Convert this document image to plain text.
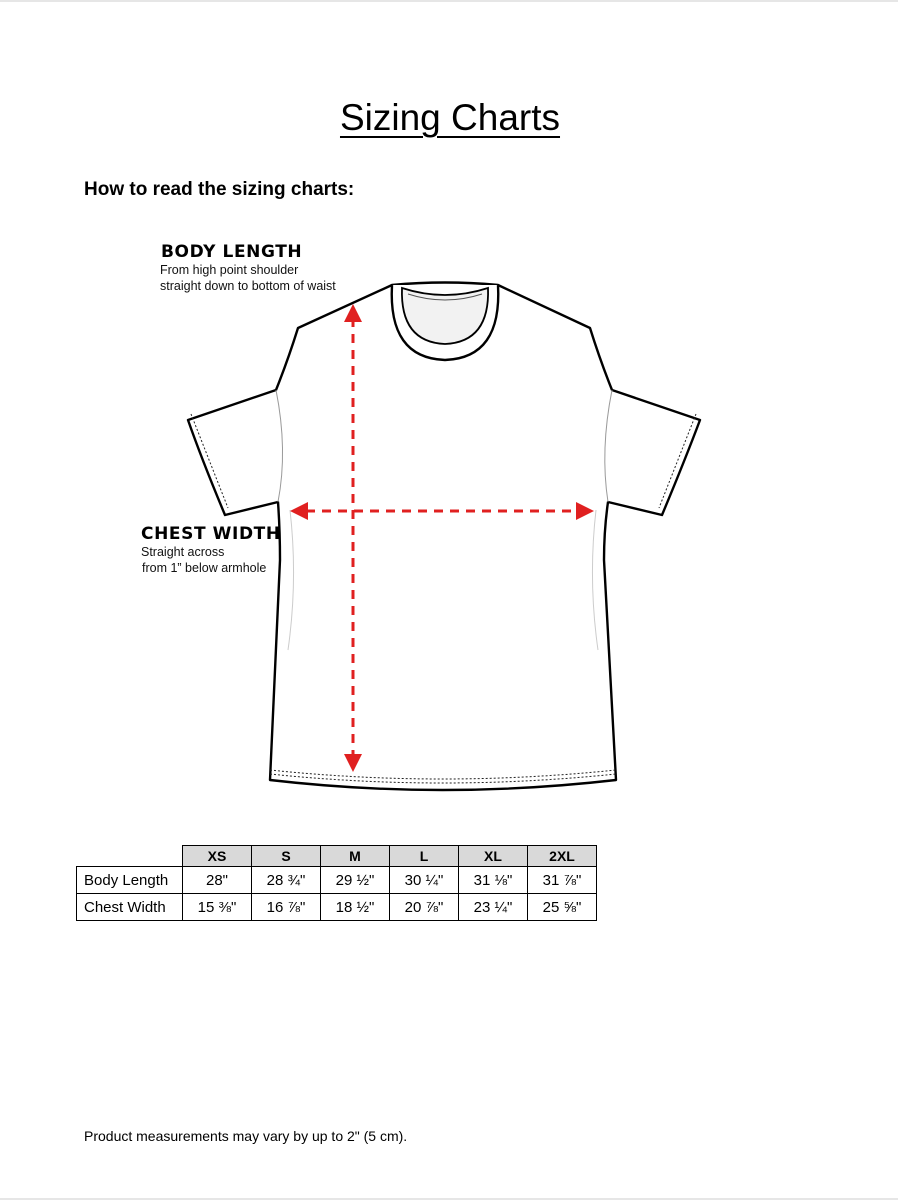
Sizing Charts
How to read the sizing charts:
BODY LENGTH
From high point shoulder
straight down to bottom of waist
CHEST WIDTH
Straight across
from 1” below armhole
	XS	S	M	L	XL	2XL
Body Length	28"	28 ¾"	29 ½"	30 ¼"	31 ⅛"	31 ⅞"
Chest Width	15 ⅜"	16 ⅞"	18 ½"	20 ⅞"	23 ¼"	25 ⅝"
Product measurements may vary by up to 2" (5 cm).
